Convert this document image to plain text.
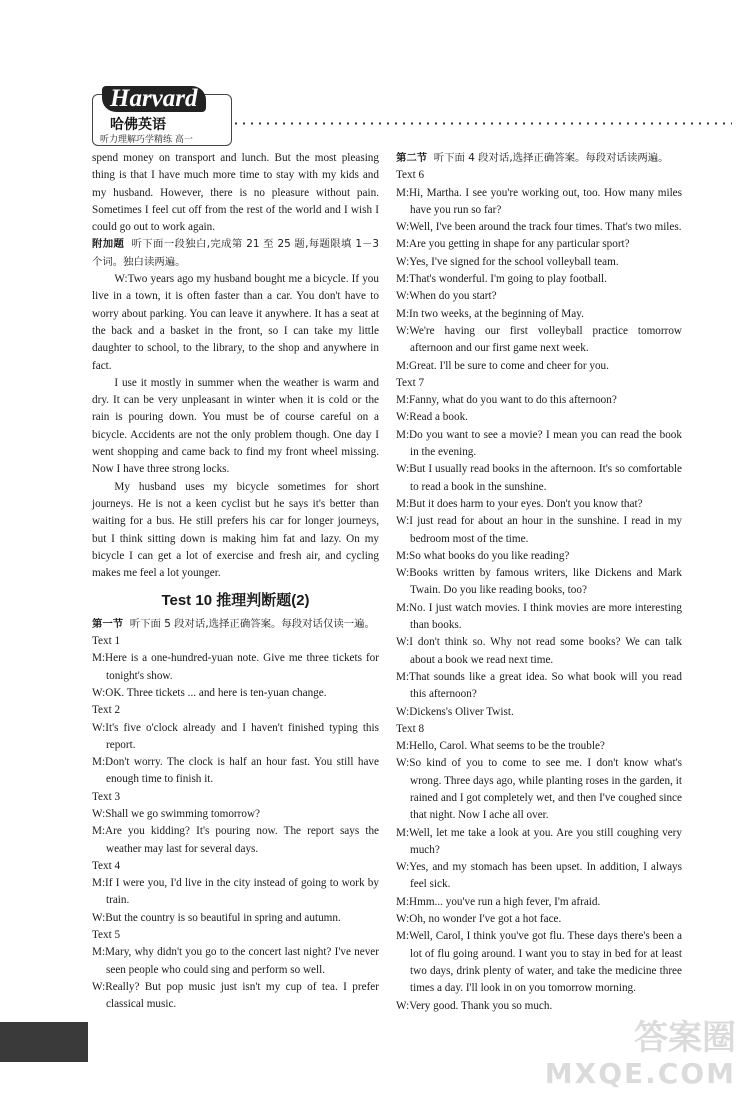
Harvard
哈佛英语
听力理解巧学精练 高一

spend money on transport and lunch. But the most pleasing thing is that I have much more time to stay with my kids and my husband. However, there is no pleasure without pain. Sometimes I feel cut off from the rest of the world and I wish I could go out to work again.

附加题 听下面一段独白,完成第 21 至 25 题,每题限填 1－3 个词。独白读两遍。

W:Two years ago my husband bought me a bicycle. If you live in a town, it is often faster than a car. You don't have to worry about parking. You can leave it anywhere. It has a seat at the back and a basket in the front, so I can take my little daughter to school, to the library, to the shop and anywhere in fact.

I use it mostly in summer when the weather is warm and dry. It can be very unpleasant in winter when it is cold or the rain is pouring down. You must be of course careful on a bicycle. Accidents are not the only problem though. One day I went shopping and came back to find my front wheel missing. Now I have three strong locks.

My husband uses my bicycle sometimes for short journeys. He is not a keen cyclist but he says it's better than waiting for a bus. He still prefers his car for longer journeys, but I think sitting down is making him fat and lazy. On my bicycle I can get a lot of exercise and fresh air, and cycling makes me feel a lot younger.

Test 10 推理判断题(2)

第一节 听下面 5 段对话,选择正确答案。每段对话仅读一遍。

Text 1

M:Here is a one-hundred-yuan note. Give me three tickets for tonight's show.

W:OK. Three tickets ... and here is ten-yuan change.

Text 2

W:It's five o'clock already and I haven't finished typing this report.

M:Don't worry. The clock is half an hour fast. You still have enough time to finish it.

Text 3

W:Shall we go swimming tomorrow?

M:Are you kidding? It's pouring now. The report says the weather may last for several days.

Text 4

M:If I were you, I'd live in the city instead of going to work by train.

W:But the country is so beautiful in spring and autumn.

Text 5

M:Mary, why didn't you go to the concert last night? I've never seen people who could sing and perform so well.

W:Really? But pop music just isn't my cup of tea. I prefer classical music.

第二节 听下面 4 段对话,选择正确答案。每段对话读两遍。

Text 6

M:Hi, Martha. I see you're working out, too. How many miles have you run so far?

W:Well, I've been around the track four times. That's two miles.

M:Are you getting in shape for any particular sport?

W:Yes, I've signed for the school volleyball team.

M:That's wonderful. I'm going to play football.

W:When do you start?

M:In two weeks, at the beginning of May.

W:We're having our first volleyball practice tomorrow afternoon and our first game next week.

M:Great. I'll be sure to come and cheer for you.

Text 7

M:Fanny, what do you want to do this afternoon?

W:Read a book.

M:Do you want to see a movie? I mean you can read the book in the evening.

W:But I usually read books in the afternoon. It's so comfortable to read a book in the sunshine.

M:But it does harm to your eyes. Don't you know that?

W:I just read for about an hour in the sunshine. I read in my bedroom most of the time.

M:So what books do you like reading?

W:Books written by famous writers, like Dickens and Mark Twain. Do you like reading books, too?

M:No. I just watch movies. I think movies are more interesting than books.

W:I don't think so. Why not read some books? We can talk about a book we read next time.

M:That sounds like a great idea. So what book will you read this afternoon?

W:Dickens's Oliver Twist.

Text 8

M:Hello, Carol. What seems to be the trouble?

W:So kind of you to come to see me. I don't know what's wrong. Three days ago, while planting roses in the garden, it rained and I got completely wet, and then I've coughed since that night. Now I ache all over.

M:Well, let me take a look at you. Are you still coughing very much?

W:Yes, and my stomach has been upset. In addition, I always feel sick.

M:Hmm... you've run a high fever, I'm afraid.

W:Oh, no wonder I've got a hot face.

M:Well, Carol, I think you've got flu. These days there's been a lot of flu going around. I want you to stay in bed for at least two days, drink plenty of water, and take the medicine three times a day. I'll look in on you tomorrow morning.

W:Very good. Thank you so much.

答案圈
MXQE.COM
